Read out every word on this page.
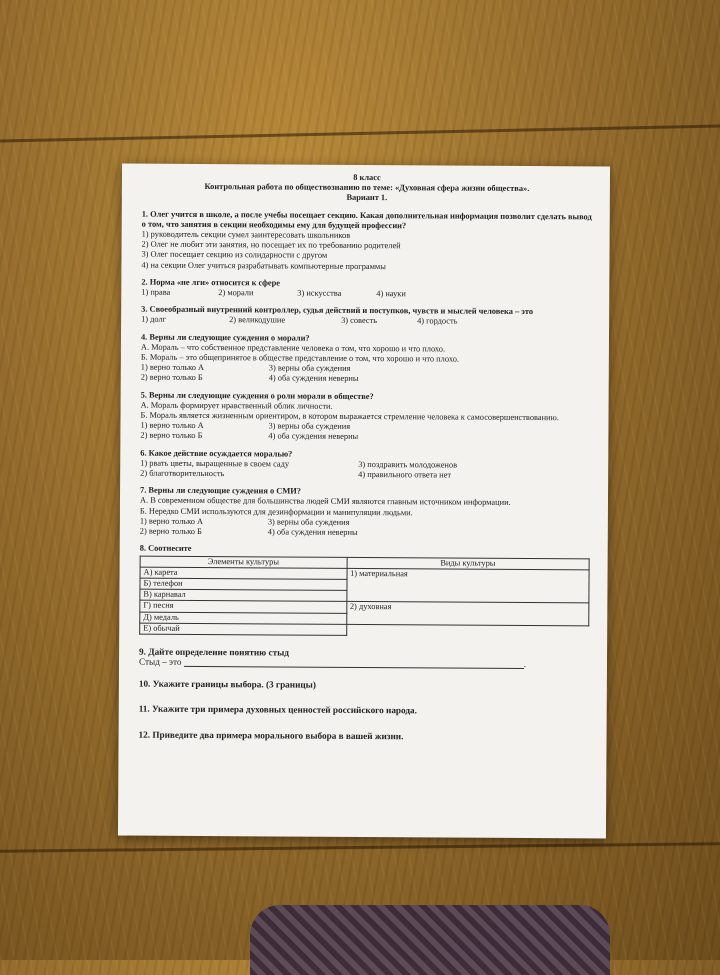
8 класс
Контрольная работа по обществознанию по теме: «Духовная сфера жизни общества».
Вариант 1.
1. Олег учится в школе, а после учебы посещает секцию. Какая дополнительная информация позволит сделать вывод о том, что занятия в секции необходимы ему для будущей профессии?
1) руководитель секции сумел заинтересовать школьников
2) Олег не любит эти занятия, но посещает их по требованию родителей
3) Олег посещает секцию из солидарности с другом
4) на секции Олег учиться разрабатывать компьютерные программы
2. Норма «не лги» относится к сфере
1) права	2) морали	3) искусства	4) науки
3. Своеобразный внутренний контроллер, судья действий и поступков, чувств и мыслей человека – это
1) долг	2) великодушие	3) совесть	4) гордость
4. Верны ли следующие суждения о морали?
А. Мораль – что собственное представление человека о том, что хорошо и что плохо.
Б. Мораль – это общепринятое в обществе представление о том, что хорошо и что плохо.
1) верно только А	3) верны оба суждения
2) верно только Б	4) оба суждения неверны
5. Верны ли следующие суждения о роли морали в обществе?
А. Мораль формирует нравственный облик личности.
Б. Мораль является жизненным ориентиром, в котором выражается стремление человека к самосовершенствованию.
1) верно только А	3) верны оба суждения
2) верно только Б	4) оба суждения неверны
6. Какое действие осуждается моралью?
1) рвать цветы, выращенные в своем саду	3) поздравить молодоженов
2) благотворительность	4) правильного ответа нет
7. Верны ли следующие суждения о СМИ?
А. В современном обществе для большинства людей СМИ являются главным источником информации.
Б. Нередко СМИ используются для дезинформации и манипуляции людьми.
1) верно только А	3) верны оба суждения
2) верно только Б	4) оба суждения неверны
8. Соотнесите
Элементы культуры	Виды культуры
А) карета	1) материальная
Б) телефон	
В) карнавал	
Г) песня	2) духовная
Д) медаль	
Е) обычай	
9. Дайте определение понятию стыд
Стыд – это	.
10. Укажите границы выбора. (3 границы)
11. Укажите три примера духовных ценностей российского народа.
12. Приведите два примера морального выбора в вашей жизни.
